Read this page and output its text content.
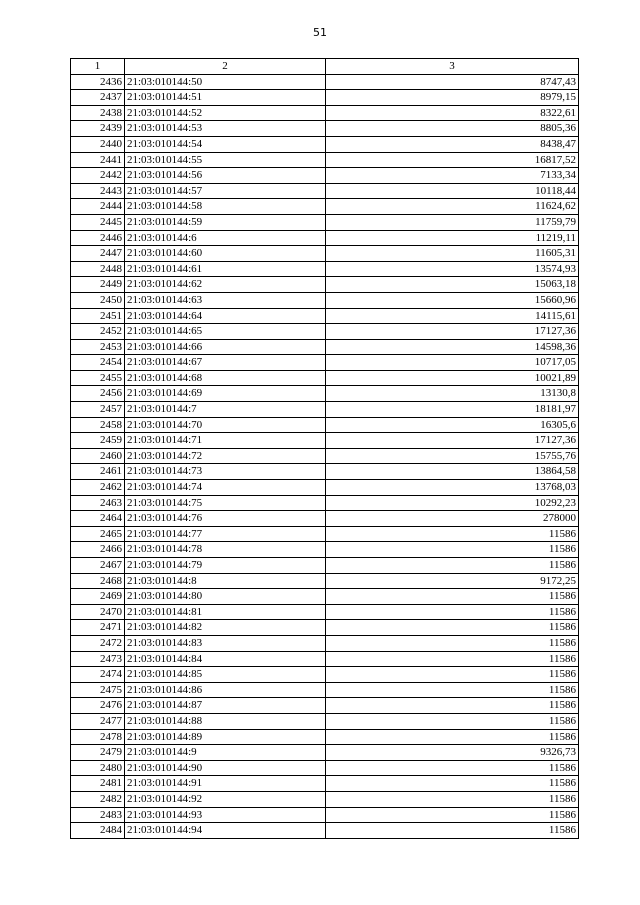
51
1	2	3
2436	21:03:010144:50	8747,43
2437	21:03:010144:51	8979,15
2438	21:03:010144:52	8322,61
2439	21:03:010144:53	8805,36
2440	21:03:010144:54	8438,47
2441	21:03:010144:55	16817,52
2442	21:03:010144:56	7133,34
2443	21:03:010144:57	10118,44
2444	21:03:010144:58	11624,62
2445	21:03:010144:59	11759,79
2446	21:03:010144:6	11219,11
2447	21:03:010144:60	11605,31
2448	21:03:010144:61	13574,93
2449	21:03:010144:62	15063,18
2450	21:03:010144:63	15660,96
2451	21:03:010144:64	14115,61
2452	21:03:010144:65	17127,36
2453	21:03:010144:66	14598,36
2454	21:03:010144:67	10717,05
2455	21:03:010144:68	10021,89
2456	21:03:010144:69	13130,8
2457	21:03:010144:7	18181,97
2458	21:03:010144:70	16305,6
2459	21:03:010144:71	17127,36
2460	21:03:010144:72	15755,76
2461	21:03:010144:73	13864,58
2462	21:03:010144:74	13768,03
2463	21:03:010144:75	10292,23
2464	21:03:010144:76	278000
2465	21:03:010144:77	11586
2466	21:03:010144:78	11586
2467	21:03:010144:79	11586
2468	21:03:010144:8	9172,25
2469	21:03:010144:80	11586
2470	21:03:010144:81	11586
2471	21:03:010144:82	11586
2472	21:03:010144:83	11586
2473	21:03:010144:84	11586
2474	21:03:010144:85	11586
2475	21:03:010144:86	11586
2476	21:03:010144:87	11586
2477	21:03:010144:88	11586
2478	21:03:010144:89	11586
2479	21:03:010144:9	9326,73
2480	21:03:010144:90	11586
2481	21:03:010144:91	11586
2482	21:03:010144:92	11586
2483	21:03:010144:93	11586
2484	21:03:010144:94	11586
